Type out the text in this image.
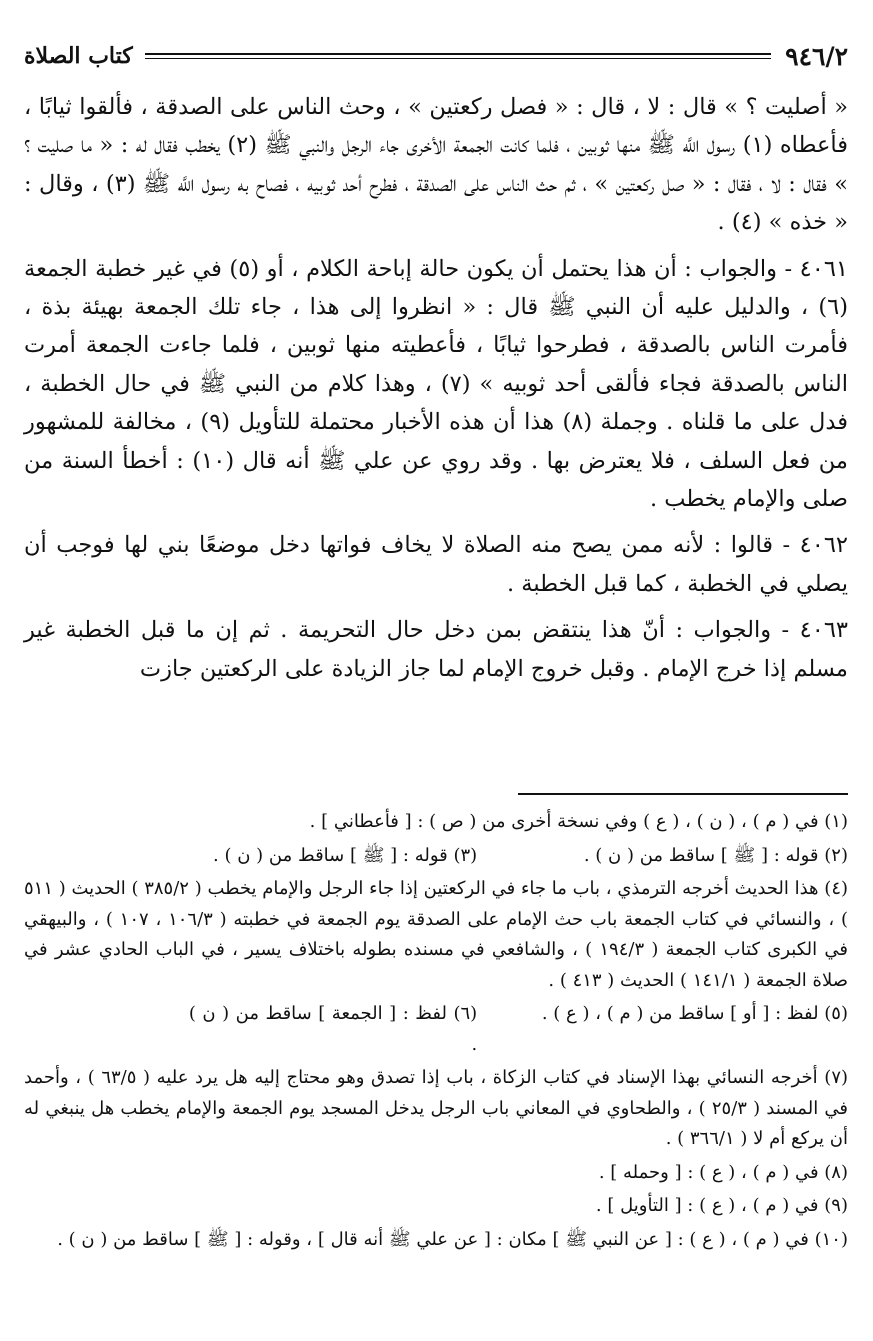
٩٤٦/٢
كتاب الصلاة

« أصليت ؟ » قال : لا ، قال : « فصل ركعتين » ، وحث الناس على الصدقة ، فألقوا ثيابًا ، فأعطاه (١) رسول اللَّه ﷺ منها ثوبين ، فلما كانت الجمعة الأخرى جاء الرجل والنبي ﷺ (٢) يخطب فقال له : « ما صليت ؟ » فقال : لا ، فقال : « صل ركعتين » ، ثم حث الناس على الصدقة ، فطرح أحد ثوبيه ، فصاح به رسول اللَّه ﷺ (٣) ، وقال : « خذه » (٤) .

٤٠٦١ - والجواب : أن هذا يحتمل أن يكون حالة إباحة الكلام ، أو (٥) في غير خطبة الجمعة (٦) ، والدليل عليه أن النبي ﷺ قال : « انظروا إلى هذا ، جاء تلك الجمعة بهيئة بذة ، فأمرت الناس بالصدقة ، فطرحوا ثيابًا ، فأعطيته منها ثوبين ، فلما جاءت الجمعة أمرت الناس بالصدقة فجاء فألقى أحد ثوبيه » (٧) ، وهذا كلام من النبي ﷺ في حال الخطبة ، فدل على ما قلناه . وجملة (٨) هذا أن هذه الأخبار محتملة للتأويل (٩) ، مخالفة للمشهور من فعل السلف ، فلا يعترض بها . وقد روي عن علي ﷺ أنه قال (١٠) : أخطأ السنة من صلى والإمام يخطب .

٤٠٦٢ - قالوا : لأنه ممن يصح منه الصلاة لا يخاف فواتها دخل موضعًا بني لها فوجب أن يصلي في الخطبة ، كما قبل الخطبة .

٤٠٦٣ - والجواب : أنّ هذا ينتقض بمن دخل حال التحريمة . ثم إن ما قبل الخطبة غير مسلم إذا خرج الإمام . وقبل خروج الإمام لما جاز الزيادة على الركعتين جازت

(١) في ( م ) ، ( ن ) ، ( ع ) وفي نسخة أخرى من ( ص ) : [ فأعطاني ] .

(٢) قوله : [ ﷺ ] ساقط من ( ن ) .
(٣) قوله : [ ﷺ ] ساقط من ( ن ) .

(٤) هذا الحديث أخرجه الترمذي ، باب ما جاء في الركعتين إذا جاء الرجل والإمام يخطب ( ٣٨٥/٢ ) الحديث ( ٥١١ ) ، والنسائي في كتاب الجمعة باب حث الإمام على الصدقة يوم الجمعة في خطبته ( ١٠٦/٣ ، ١٠٧ ) ، والبيهقي في الكبرى كتاب الجمعة ( ١٩٤/٣ ) ، والشافعي في مسنده بطوله باختلاف يسير ، في الباب الحادي عشر في صلاة الجمعة ( ١٤١/١ ) الحديث ( ٤١٣ ) .

(٥) لفظ : [ أو ] ساقط من ( م ) ، ( ع ) .
(٦) لفظ : [ الجمعة ] ساقط من ( ن ) .

(٧) أخرجه النسائي بهذا الإسناد في كتاب الزكاة ، باب إذا تصدق وهو محتاج إليه هل يرد عليه ( ٦٣/٥ ) ، وأحمد في المسند ( ٢٥/٣ ) ، والطحاوي في المعاني باب الرجل يدخل المسجد يوم الجمعة والإمام يخطب هل ينبغي له أن يركع أم لا ( ٣٦٦/١ ) .

(٨) في ( م ) ، ( ع ) : [ وحمله ] .

(٩) في ( م ) ، ( ع ) : [ التأويل ] .

(١٠) في ( م ) ، ( ع ) : [ عن النبي ﷺ ] مكان : [ عن علي ﷺ أنه قال ] ، وقوله : [ ﷺ ] ساقط من ( ن ) .
